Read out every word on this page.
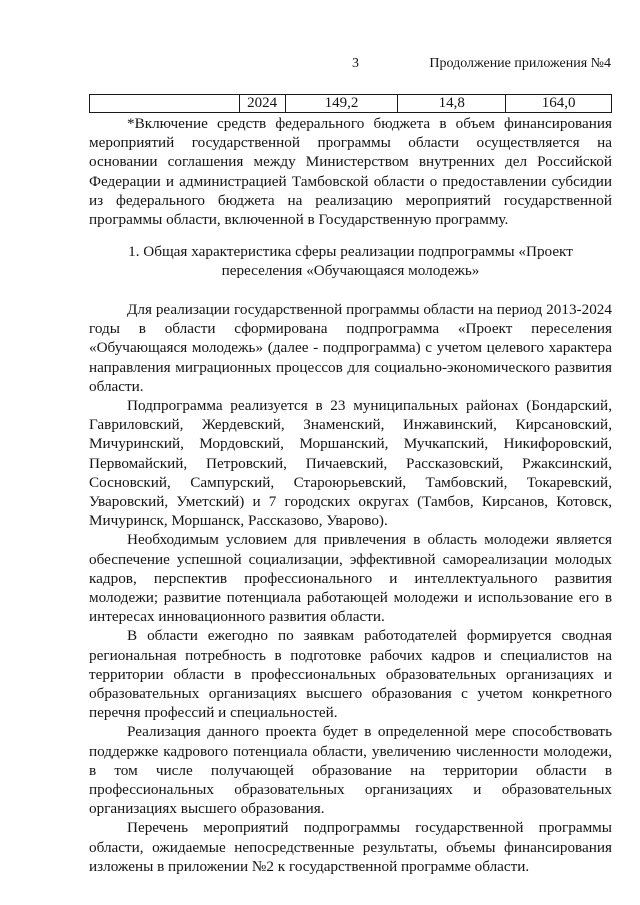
3	Продолжение приложения №4
	2024	149,2	14,8	164,0

*Включение средств федерального бюджета в объем финансирования мероприятий государственной программы области осуществляется на основании соглашения между Министерством внутренних дел Российской Федерации и администрацией Тамбовской области о предоставлении субсидии из федерального бюджета на реализацию мероприятий государственной программы области, включенной в Государственную программу.

1. Общая характеристика сферы реализации подпрограммы «Проект
переселения «Обучающаяся молодежь»

Для реализации государственной программы области на период 2013-2024 годы в области сформирована подпрограмма «Проект переселения «Обучающаяся молодежь» (далее - подпрограмма) с учетом целевого характера направления миграционных процессов для социально-экономического развития области.

Подпрограмма реализуется в 23 муниципальных районах (Бондарский, Гавриловский, Жердевский, Знаменский, Инжавинский, Кирсановский, Мичуринский, Мордовский, Моршанский, Мучкапский, Никифоровский, Первомайский, Петровский, Пичаевский, Рассказовский, Ржаксинский, Сосновский, Сампурский, Староюрьевский, Тамбовский, Токаревский, Уваровский, Уметский) и 7 городских округах (Тамбов, Кирсанов, Котовск, Мичуринск, Моршанск, Рассказово, Уварово).

Необходимым условием для привлечения в область молодежи является обеспечение успешной социализации, эффективной самореализации молодых кадров, перспектив профессионального и интеллектуального развития молодежи; развитие потенциала работающей молодежи и использование его в интересах инновационного развития области.

В области ежегодно по заявкам работодателей формируется сводная региональная потребность в подготовке рабочих кадров и специалистов на территории области в профессиональных образовательных организациях и образовательных организациях высшего образования с учетом конкретного перечня профессий и специальностей.

Реализация данного проекта будет в определенной мере способствовать поддержке кадрового потенциала области, увеличению численности молодежи, в том числе получающей образование на территории области в профессиональных образовательных организациях и образовательных организациях высшего образования.

Перечень мероприятий подпрограммы государственной программы области, ожидаемые непосредственные результаты, объемы финансирования изложены в приложении №2 к государственной программе области.
